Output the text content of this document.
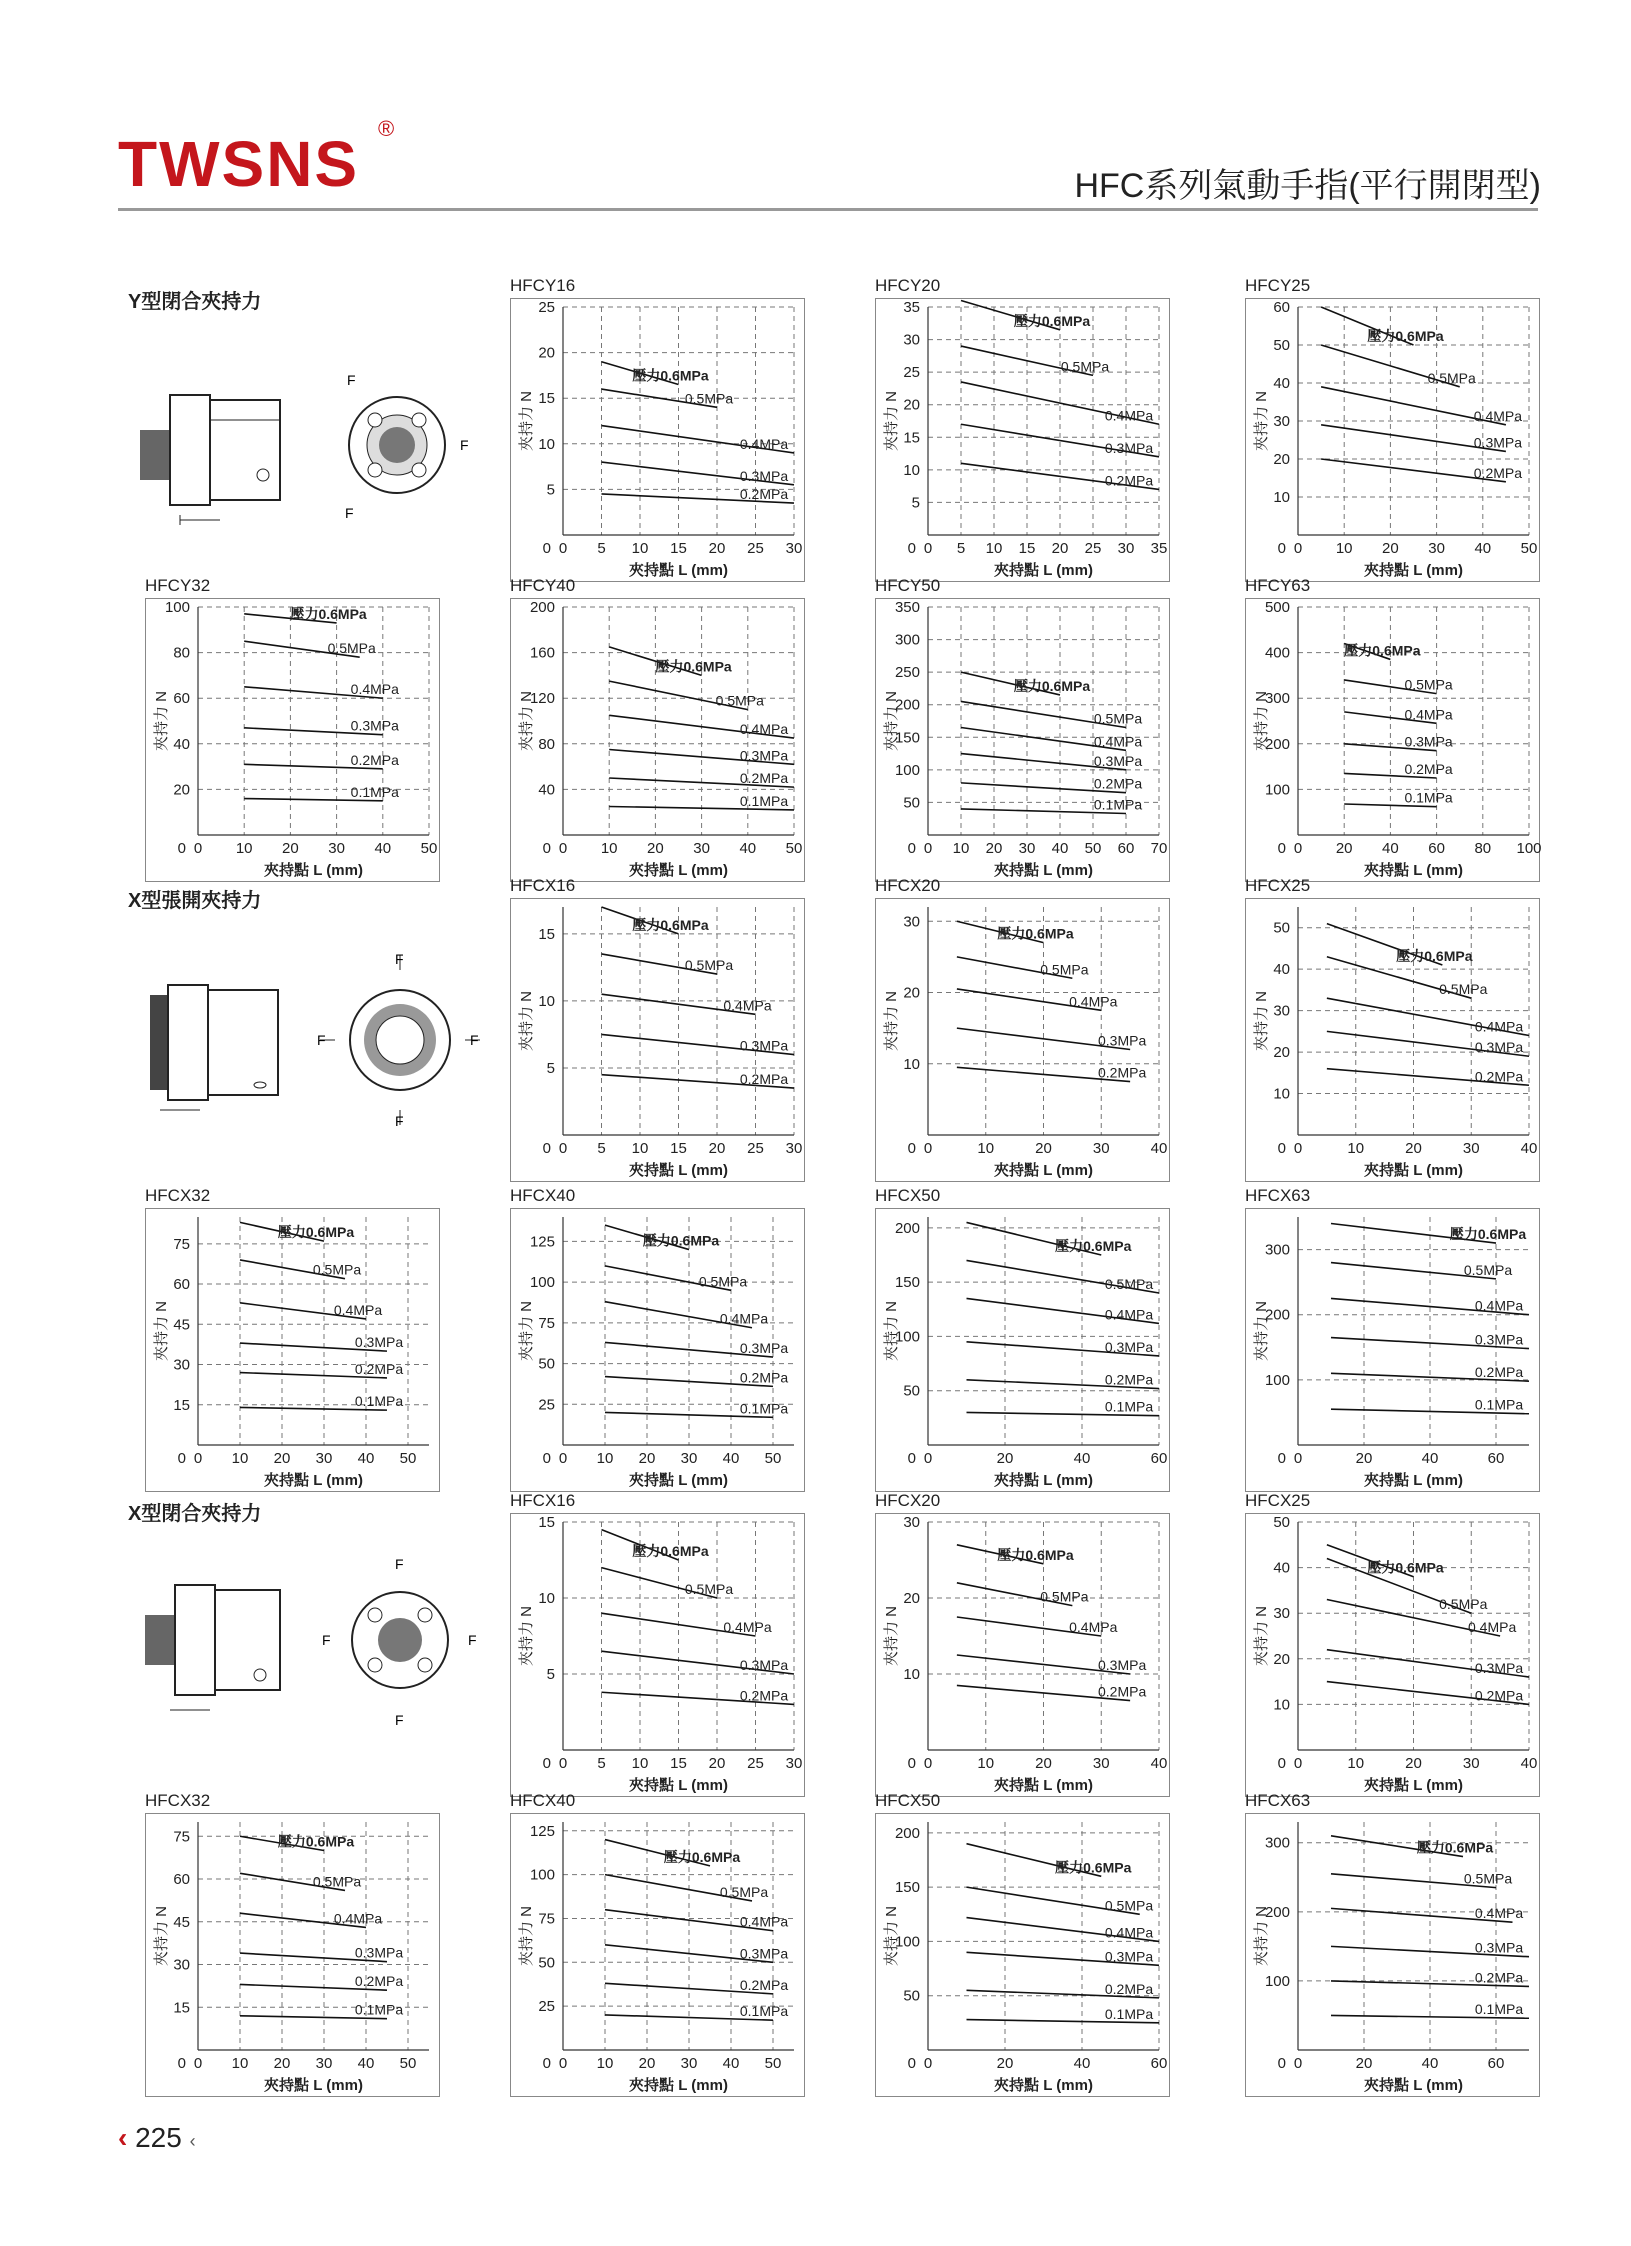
TWSNS ®
HFC系列氣動手指(平行開閉型)
Y型閉合夾持力
X型張開夾持力
X型閉合夾持力
F
F
F
F
F	F
F
F
F	F
F
HFCY16
0 5 10 15 20 25 30
5
10
15
20
25
0
夾持點 L (mm)
夾持力 N
壓力0.6MPa
0.5MPa
0.4MPa
0.3MPa
0.2MPa
HFCY20
0 5 10 15 20 25 30 35
5
10
15
20
25
30
35
0
夾持點 L (mm)
夾持力 N
壓力0.6MPa
0.5MPa
0.4MPa
0.3MPa
0.2MPa
HFCY25
0 10 20 30 40 50
10
20
30
40
50
60
0
夾持點 L (mm)
夾持力 N
壓力0.6MPa
0.5MPa
0.4MPa
0.3MPa
0.2MPa
HFCY32
0 10 20 30 40 50
20
40
60
80
100
0
夾持點 L (mm)
夾持力 N
壓力0.6MPa
0.5MPa
0.4MPa
0.3MPa
0.2MPa
0.1MPa
HFCY40
0 10 20 30 40 50
40
80
120
160
200
0
夾持點 L (mm)
夾持力 N
壓力0.6MPa
0.5MPa
0.4MPa
0.3MPa
0.2MPa
0.1MPa
HFCY50
0 10 20 30 40 50 60 70
50
100
150
200
250
300
350
0
夾持點 L (mm)
夾持力 N
壓力0.6MPa
0.5MPa
0.4MPa
0.3MPa
0.2MPa
0.1MPa
HFCY63
0 20 40 60 80 100
100
200
300
400
500
0
夾持點 L (mm)
夾持力 N
壓力0.6MPa
0.5MPa
0.4MPa
0.3MPa
0.2MPa
0.1MPa
HFCX16
0 5 10 15 20 25 30
5
10
15
0
夾持點 L (mm)
夾持力 N
壓力0.6MPa
0.5MPa
0.4MPa
0.3MPa
0.2MPa
HFCX20
0	10	20	30	40
10
20
30
0
夾持點 L (mm)
夾持力 N
壓力0.6MPa
0.5MPa
0.4MPa
0.3MPa
0.2MPa
HFCX25
0	10	20	30	40
10
20
30
40
50
0
夾持點 L (mm)
夾持力 N
壓力0.6MPa
0.5MPa
0.4MPa
0.3MPa
0.2MPa
HFCX32
0 10 20 30 40 50
15
30
45
60
75
0
夾持點 L (mm)
夾持力 N
壓力0.6MPa
0.5MPa
0.4MPa
0.3MPa
0.2MPa
0.1MPa
HFCX40
0 10 20 30 40 50
25
50
75
100
125
0
夾持點 L (mm)
夾持力 N
壓力0.6MPa
0.5MPa
0.4MPa
0.3MPa
0.2MPa
0.1MPa
HFCX50
0	20	40	60
50
100
150
200
0
夾持點 L (mm)
夾持力 N
壓力0.6MPa
0.5MPa
0.4MPa
0.3MPa
0.2MPa
0.1MPa
HFCX63
0	20	40	60
100
200
300
0
夾持點 L (mm)
夾持力 N
壓力0.6MPa
0.5MPa
0.4MPa
0.3MPa
0.2MPa
0.1MPa
HFCX16
0 5 10 15 20 25 30
5
10
15
0
夾持點 L (mm)
夾持力 N
壓力0.6MPa
0.5MPa
0.4MPa
0.3MPa
0.2MPa
HFCX20
0	10	20	30	40
10
20
30
0
夾持點 L (mm)
夾持力 N
壓力0.6MPa
0.5MPa
0.4MPa
0.3MPa
0.2MPa
HFCX25
0	10	20	30	40
10
20
30
40
50
0
夾持點 L (mm)
夾持力 N
壓力0.6MPa
0.5MPa
0.4MPa
0.3MPa
0.2MPa
HFCX32
0 10 20 30 40 50
15
30
45
60
75
0
夾持點 L (mm)
夾持力 N
壓力0.6MPa
0.5MPa
0.4MPa
0.3MPa
0.2MPa
0.1MPa
HFCX40
0 10 20 30 40 50
25
50
75
100
125
0
夾持點 L (mm)
夾持力 N
壓力0.6MPa
0.5MPa
0.4MPa
0.3MPa
0.2MPa
0.1MPa
HFCX50
0	20	40	60
50
100
150
200
0
夾持點 L (mm)
夾持力 N
壓力0.6MPa
0.5MPa
0.4MPa
0.3MPa
0.2MPa
0.1MPa
HFCX63
0	20	40	60
100
200
300
0
夾持點 L (mm)
夾持力 N
壓力0.6MPa
0.5MPa
0.4MPa
0.3MPa
0.2MPa
0.1MPa
‹ 225 ‹
